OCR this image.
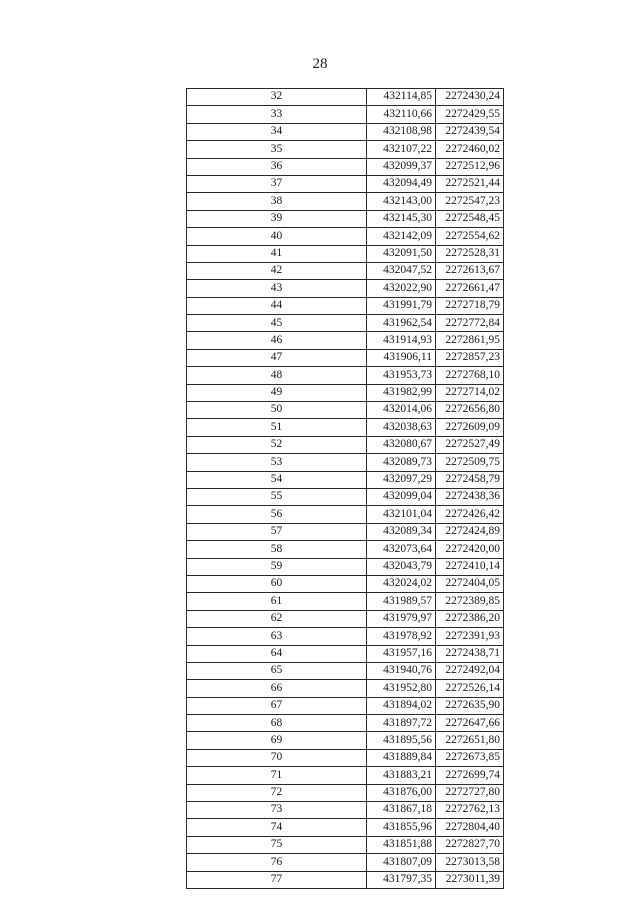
28
32	432114,85	2272430,24
33	432110,66	2272429,55
34	432108,98	2272439,54
35	432107,22	2272460,02
36	432099,37	2272512,96
37	432094,49	2272521,44
38	432143,00	2272547,23
39	432145,30	2272548,45
40	432142,09	2272554,62
41	432091,50	2272528,31
42	432047,52	2272613,67
43	432022,90	2272661,47
44	431991,79	2272718,79
45	431962,54	2272772,84
46	431914,93	2272861,95
47	431906,11	2272857,23
48	431953,73	2272768,10
49	431982,99	2272714,02
50	432014,06	2272656,80
51	432038,63	2272609,09
52	432080,67	2272527,49
53	432089,73	2272509,75
54	432097,29	2272458,79
55	432099,04	2272438,36
56	432101,04	2272426,42
57	432089,34	2272424,89
58	432073,64	2272420,00
59	432043,79	2272410,14
60	432024,02	2272404,05
61	431989,57	2272389,85
62	431979,97	2272386,20
63	431978,92	2272391,93
64	431957,16	2272438,71
65	431940,76	2272492,04
66	431952,80	2272526,14
67	431894,02	2272635,90
68	431897,72	2272647,66
69	431895,56	2272651,80
70	431889,84	2272673,85
71	431883,21	2272699,74
72	431876,00	2272727,80
73	431867,18	2272762,13
74	431855,96	2272804,40
75	431851,88	2272827,70
76	431807,09	2273013,58
77	431797,35	2273011,39
